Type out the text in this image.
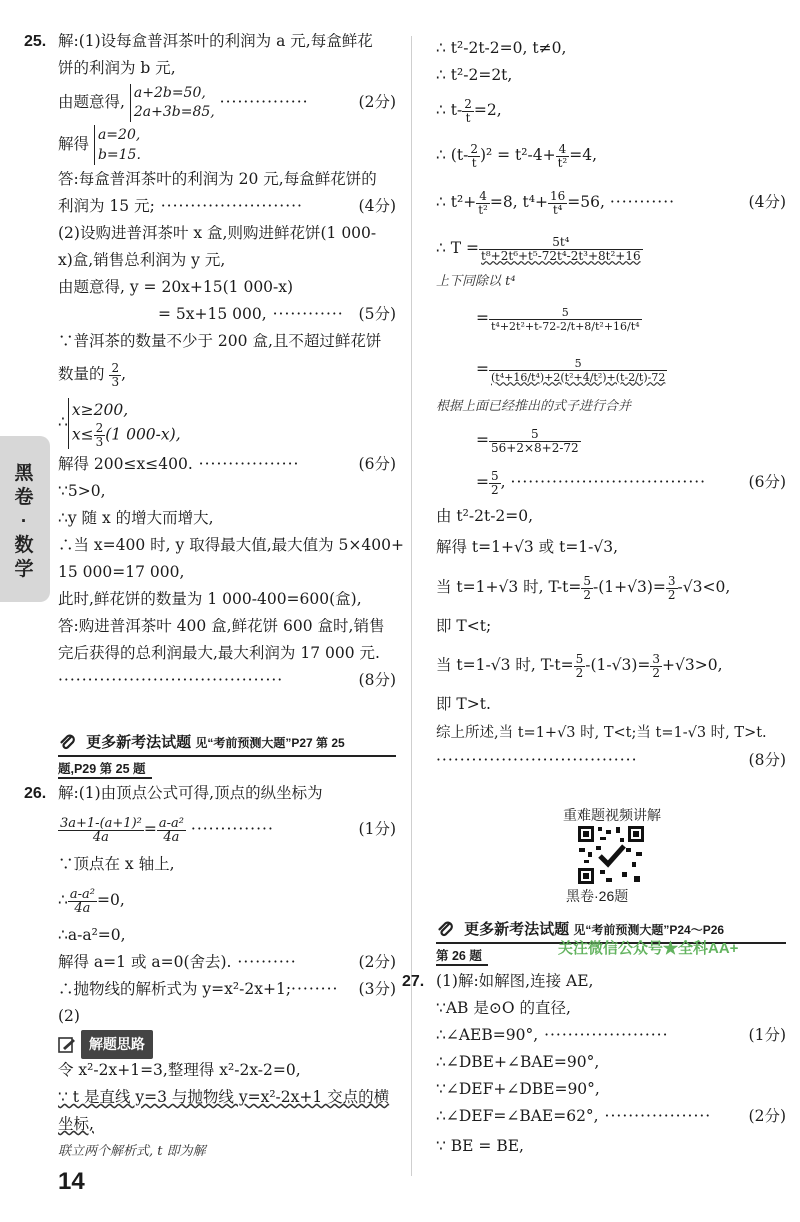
黑卷·数学
25. 解:(1)设每盒普洱茶叶的利润为 a 元,每盒鲜花
饼的利润为 b 元,
由题意得, a+2b=50,
2a+3b=85,
···············	(2分)
解得 a=20,
b=15.
答:每盒普洱茶叶的利润为 20 元,每盒鲜花饼的
利润为 15 元; ························	(4分)
(2)设购进普洱茶叶 x 盒,则购进鲜花饼(1 000-
x)盒,销售总利润为 y 元,
由题意得, y = 20x+15(1 000-x)
= 5x+15 000, ············ (5分)
∵普洱茶的数量不少于 200 盒,且不超过鲜花饼
数量的 $\frac{2}{3}$ ,
∴
x≥200,
$x\le \frac{2}{3} (1$ 000-x),
解得 200≤x≤400. ·················	(6分)
∵5>0,
∴y 随 x 的增大而增大,
∴当 x=400 时, y 取得最大值,最大值为 5×400+
15 000=17 000,
此时,鲜花饼的数量为 1 000-400=600(盒),
答:购进普洱茶叶 400 盒,鲜花饼 600 盒时,销售
完后获得的总利润最大,最大利润为 17 000 元.
······································	(8分)
更多新考法试题 见“考前预测大题”P27 第 25
题,P29 第 25 题
26. 解:(1)由顶点公式可得,顶点的纵坐标为
$\frac{\text{3a+1-(a+1)²}}{4a} = \frac{\text{a-a²}}{4a}$ ··············	(1分)
∵顶点在 x 轴上,
∴ $\frac{\text{a-a²}}{4a} =0$,
∴a-a²=0,
解得 a=1 或 a=0(舍去). ··········	(2分)
∴抛物线的解析式为 y=x²-2x+1;········ (3分)
(2)
解题思路
令 x²-2x+1=3,整理得 x²-2x-2=0,
∵ t 是直线 y=3 与抛物线 y=x²-2x+1 交点的横
坐标,
联立两个解析式, t 即为解
14
∴ t²-2t-2=0, t≠0,
∴ t²-2=2t,
∴ $t- \frac{2}{t} =2$,
∴ $(t- \frac{2}{t} )^2 = t^2-4+ \frac{4}{\text{t²}} =4$,
∴ $t^2+ \frac{4}{\text{t²}} =8$, $t^4+ \frac{16}{\text{t⁴}} =56$, ···········	(4分)
∴ $T = \frac{\text{5t⁴}}{\text{t⁸+2t⁶+t⁵-72t⁴-2t³+8t²+16}}$
上下同除以 t⁴
= $\frac{5}{\text{t⁴+2t²+t-72-2/t+8/t²+16/t⁴}}$
= $\frac{5}{\text{(t⁴+16/t⁴)+2(t²+4/t²)+(t-2/t)-72}}$
根据上面已经推出的式子进行合并
= $\frac{5}{56+2\times 8+2-72}$
= $\frac{5}{2}$ , ·································	(6分)
由 t²-2t-2=0,
解得 t=1+√3 或 t=1-√3,
当 t=1+√3 时, $T-t= \frac{5}{2} -(1+√3)= \frac{3}{2} -√3<0$,
即 T<t;
当 t=1-√3 时, $T-t= \frac{5}{2} -(1-√3)= \frac{3}{2} +√3>0$,
即 T>t.
综上所述,当 t=1+√3 时, T<t;当 t=1-√3 时, T>t.
··································	(8分)
重难题视频讲解
黑卷·26题
更多新考法试题 见“考前预测大题”P24～P26
第 26 题	关注微信公众号★全科AA+
27. (1)解:如解图,连接 AE,
∵AB 是⊙O 的直径,
∴∠AEB=90°, ·····················	(1分)
∴∠DBE+∠BAE=90°,
∵∠DEF+∠DBE=90°,
∴∠DEF=∠BAE=62°, ·················· (2分)
∵ BE = BE,
